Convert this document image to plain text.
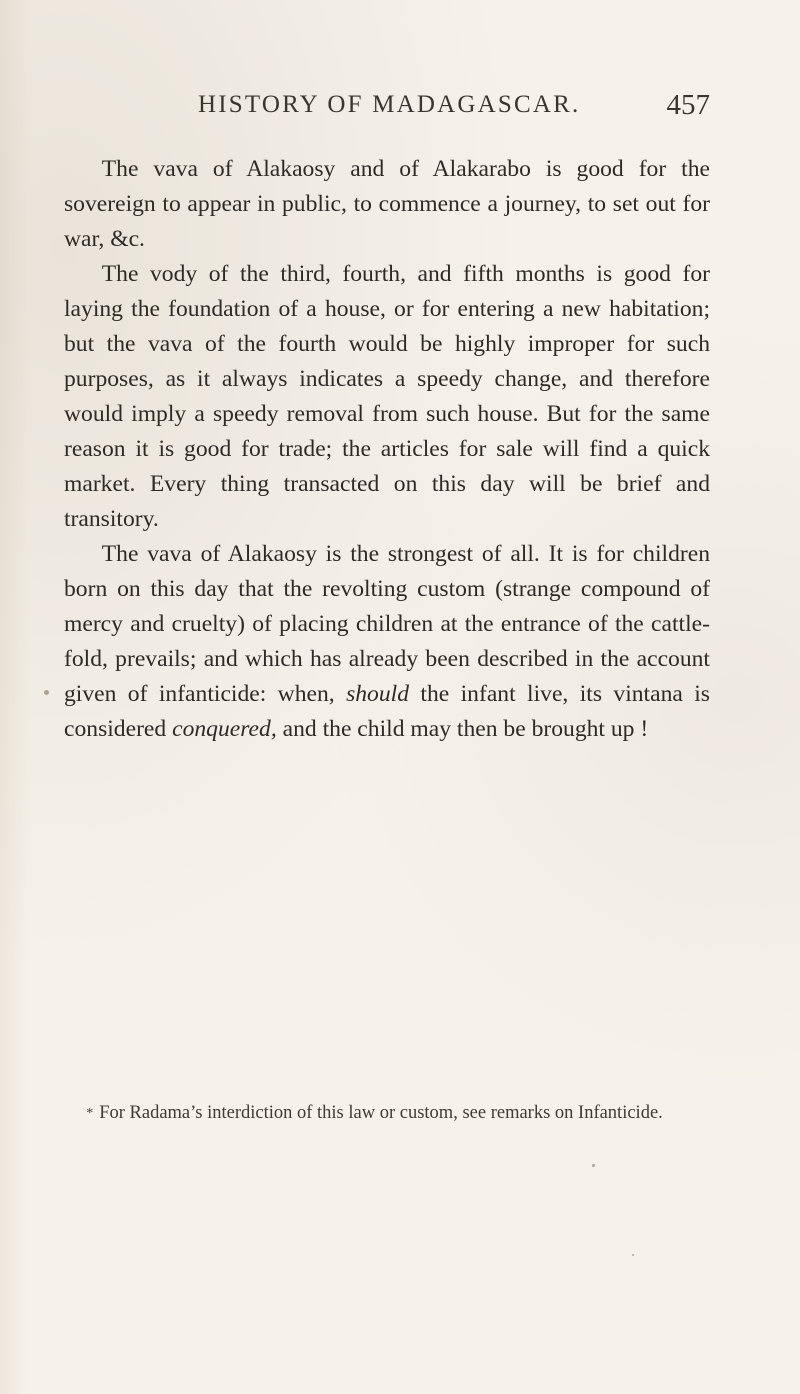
HISTORY OF MADAGASCAR.	457

The vava of Alakaosy and of Alakarabo is good for the sovereign to appear in public, to commence a journey, to set out for war, &c.

The vody of the third, fourth, and fifth months is good for laying the foundation of a house, or for entering a new habitation; but the vava of the fourth would be highly improper for such purposes, as it always indicates a speedy change, and therefore would imply a speedy removal from such house. But for the same reason it is good for trade; the articles for sale will find a quick market. Every thing transacted on this day will be brief and transitory.

The vava of Alakaosy is the strongest of all. It is for children born on this day that the revolting custom (strange compound of mercy and cruelty) of placing children at the entrance of the cattle-fold, prevails; and which has already been described in the account given of infanticide: when, should the infant live, its vintana is considered conquered, and the child may then be brought up !

* For Radama’s interdiction of this law or custom, see remarks on Infanticide.
